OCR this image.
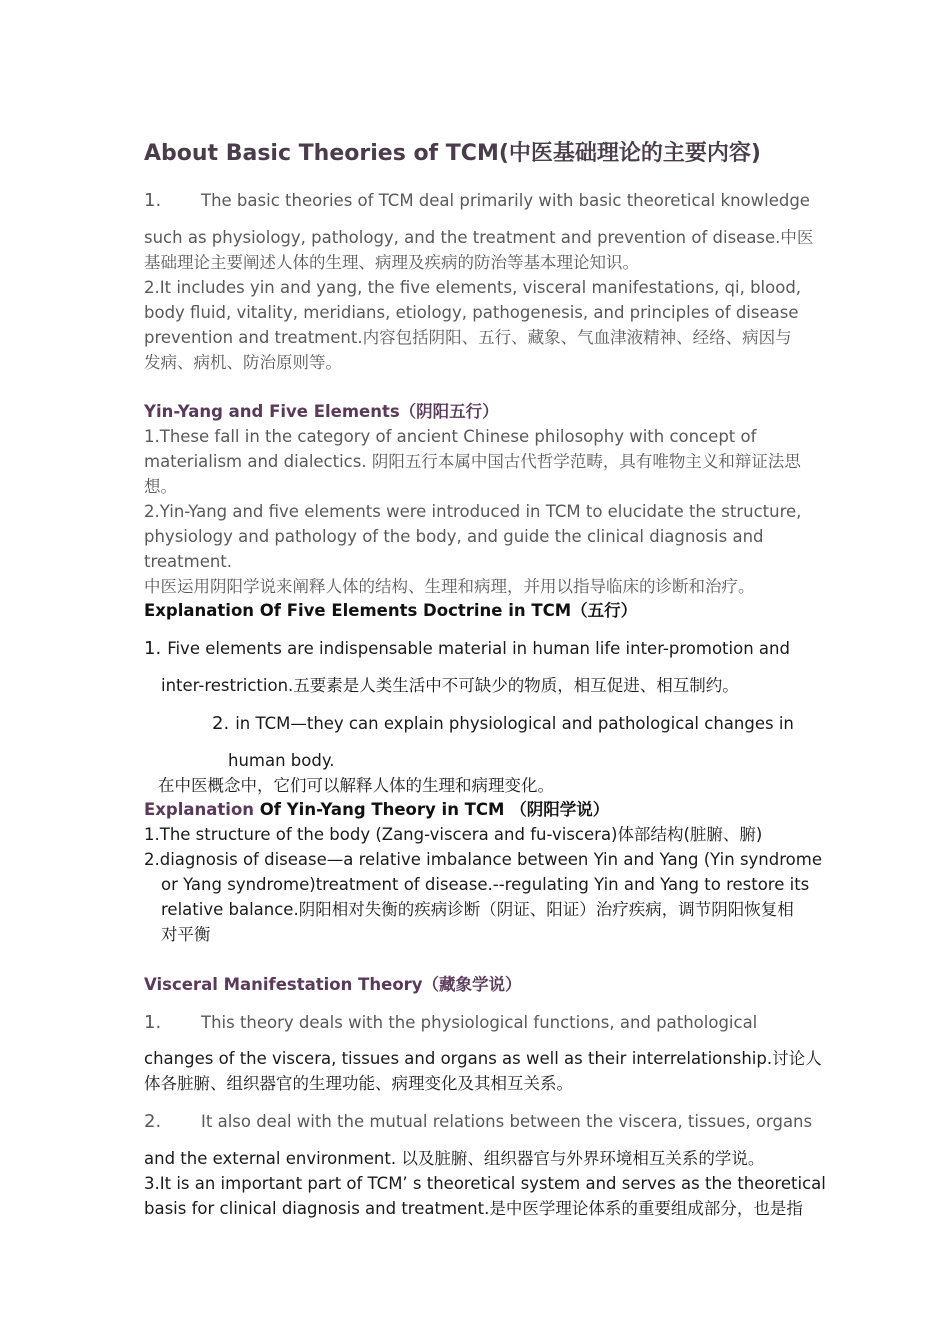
About Basic Theories of TCM(中医基础理论的主要内容)
1. The basic theories of TCM deal primarily with basic theoretical knowledge
such as physiology, pathology, and the treatment and prevention of disease.中医
基础理论主要阐述人体的生理、病理及疾病的防治等基本理论知识。
2.It includes yin and yang, the five elements, visceral manifestations, qi, blood,
body fluid, vitality, meridians, etiology, pathogenesis, and principles of disease
prevention and treatment.内容包括阴阳、五行、藏象、气血津液精神、经络、病因与
发病、病机、防治原则等。
Yin-Yang and Five Elements（阴阳五行）
1.These fall in the category of ancient Chinese philosophy with concept of
materialism and dialectics. 阴阳五行本属中国古代哲学范畴，具有唯物主义和辩证法思
想。
2.Yin-Yang and five elements were introduced in TCM to elucidate the structure,
physiology and pathology of the body, and guide the clinical diagnosis and
treatment.
中医运用阴阳学说来阐释人体的结构、生理和病理，并用以指导临床的诊断和治疗。
Explanation Of Five Elements Doctrine in TCM（五行）
1. Five elements are indispensable material in human life inter-promotion and
inter-restriction.五要素是人类生活中不可缺少的物质，相互促进、相互制约。
2. in TCM—they can explain physiological and pathological changes in
human body.
在中医概念中，它们可以解释人体的生理和病理变化。
Explanation Of Yin-Yang Theory in TCM （阴阳学说）
1.The structure of the body (Zang-viscera and fu-viscera)体部结构(脏腑、腑)
2.diagnosis of disease—a relative imbalance between Yin and Yang (Yin syndrome
or Yang syndrome)treatment of disease.--regulating Yin and Yang to restore its
relative balance.阴阳相对失衡的疾病诊断（阴证、阳证）治疗疾病，调节阴阳恢复相
对平衡
Visceral Manifestation Theory（藏象学说）
1. This theory deals with the physiological functions, and pathological
changes of the viscera, tissues and organs as well as their interrelationship.讨论人
体各脏腑、组织器官的生理功能、病理变化及其相互关系。
2. It also deal with the mutual relations between the viscera, tissues, organs
and the external environment. 以及脏腑、组织器官与外界环境相互关系的学说。
3.It is an important part of TCM’ s theoretical system and serves as the theoretical
basis for clinical diagnosis and treatment.是中医学理论体系的重要组成部分，也是指
